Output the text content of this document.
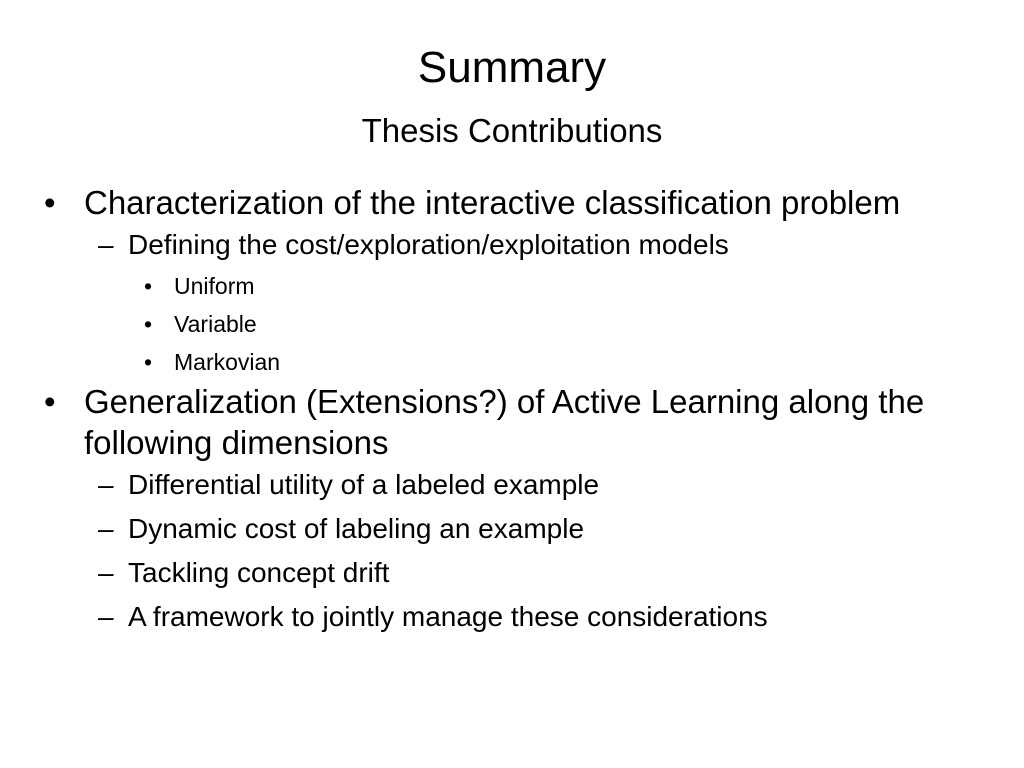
Summary
Thesis Contributions
• Characterization of the interactive classification problem
– Defining the cost/exploration/exploitation models
• Uniform
• Variable
• Markovian
• Generalization (Extensions?) of Active Learning along the following dimensions
– Differential utility of a labeled example
– Dynamic cost of labeling an example
– Tackling concept drift
– A framework to jointly manage these considerations
